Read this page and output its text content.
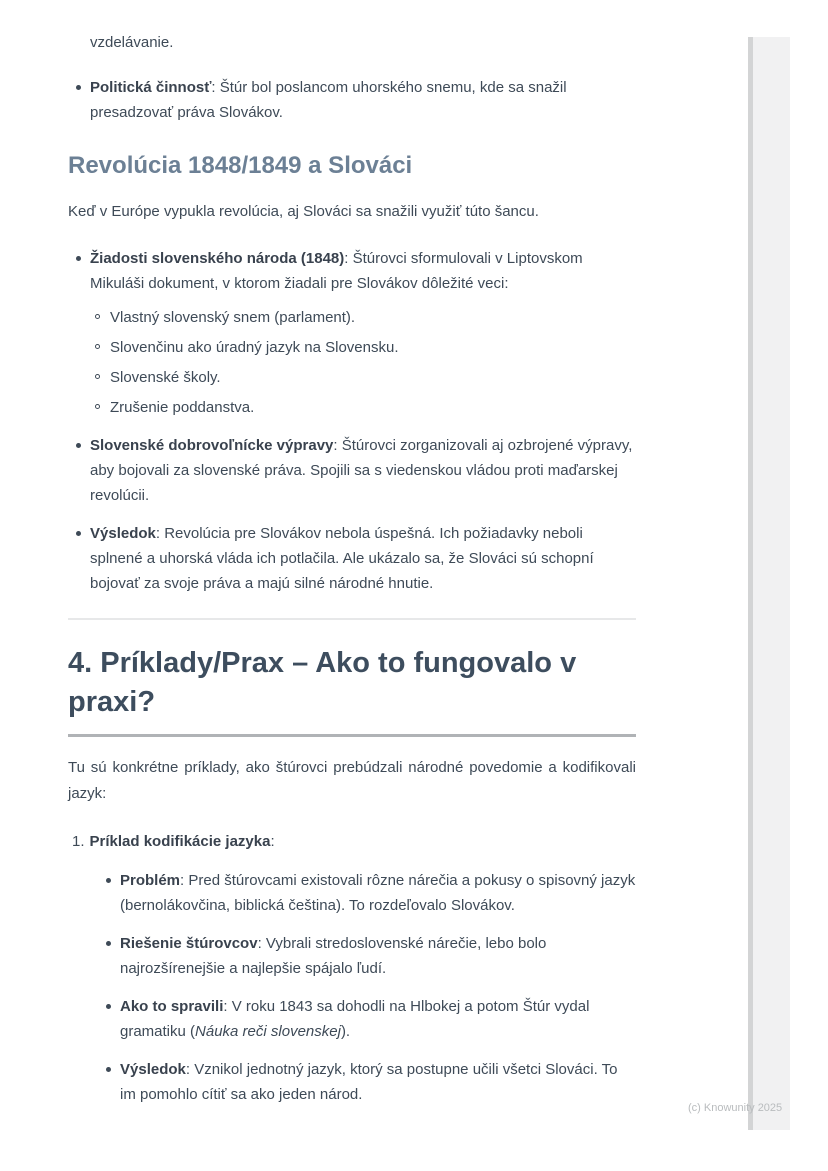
vzdelávanie.

Politická činnosť: Štúr bol poslancom uhorského snemu, kde sa snažil presadzovať práva Slovákov.
Revolúcia 1848/1849 a Slováci

Keď v Európe vypukla revolúcia, aj Slováci sa snažili využiť túto šancu.

Žiadosti slovenského národa (1848): Štúrovci sformulovali v Liptovskom Mikuláši dokument, v ktorom žiadali pre Slovákov dôležité veci:
Vlastný slovenský snem (parlament).
Slovenčinu ako úradný jazyk na Slovensku.
Slovenské školy.
Zrušenie poddanstva.
Slovenské dobrovoľnícke výpravy: Štúrovci zorganizovali aj ozbrojené výpravy, aby bojovali za slovenské práva. Spojili sa s viedenskou vládou proti maďarskej revolúcii.
Výsledok: Revolúcia pre Slovákov nebola úspešná. Ich požiadavky neboli splnené a uhorská vláda ich potlačila. Ale ukázalo sa, že Slováci sú schopní bojovať za svoje práva a majú silné národné hnutie.
4. Príklady/Prax – Ako to fungovalo v praxi?

Tu sú konkrétne príklady, ako štúrovci prebúdzali národné povedomie a kodifikovali jazyk:

1. Príklad kodifikácie jazyka:
Problém: Pred štúrovcami existovali rôzne nárečia a pokusy o spisovný jazyk (bernolákovčina, biblická čeština). To rozdeľovalo Slovákov.
Riešenie štúrovcov: Vybrali stredoslovenské nárečie, lebo bolo najrozšírenejšie a najlepšie spájalo ľudí.
Ako to spravili: V roku 1843 sa dohodli na Hlbokej a potom Štúr vydal gramatiku (Náuka reči slovenskej).
Výsledok: Vznikol jednotný jazyk, ktorý sa postupne učili všetci Slováci. To im pomohlo cítiť sa ako jeden národ.
(c) Knowunity 2025
